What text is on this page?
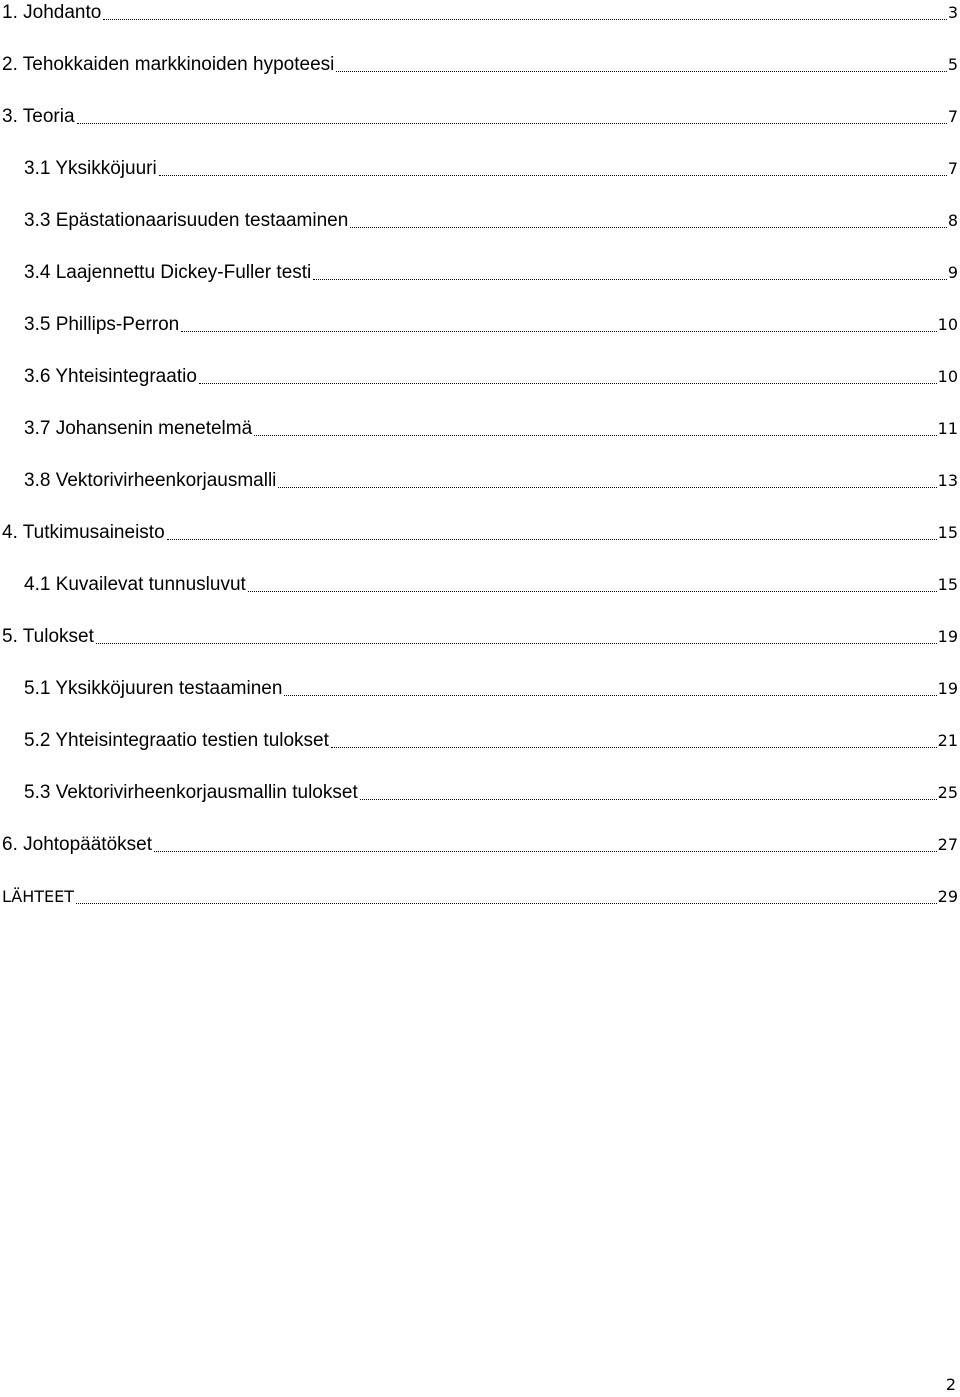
1. Johdanto	3
2. Tehokkaiden markkinoiden hypoteesi	5
3. Teoria	7
3.1 Yksikköjuuri	7
3.3 Epästationaarisuuden testaaminen	8
3.4 Laajennettu Dickey-Fuller testi	9
3.5 Phillips-Perron	10
3.6 Yhteisintegraatio	10
3.7 Johansenin menetelmä	11
3.8 Vektorivirheenkorjausmalli	13
4. Tutkimusaineisto	15
4.1 Kuvailevat tunnusluvut	15
5. Tulokset	19
5.1 Yksikköjuuren testaaminen	19
5.2 Yhteisintegraatio testien tulokset	21
5.3 Vektorivirheenkorjausmallin tulokset	25
6. Johtopäätökset	27
LÄHTEET	29
2
